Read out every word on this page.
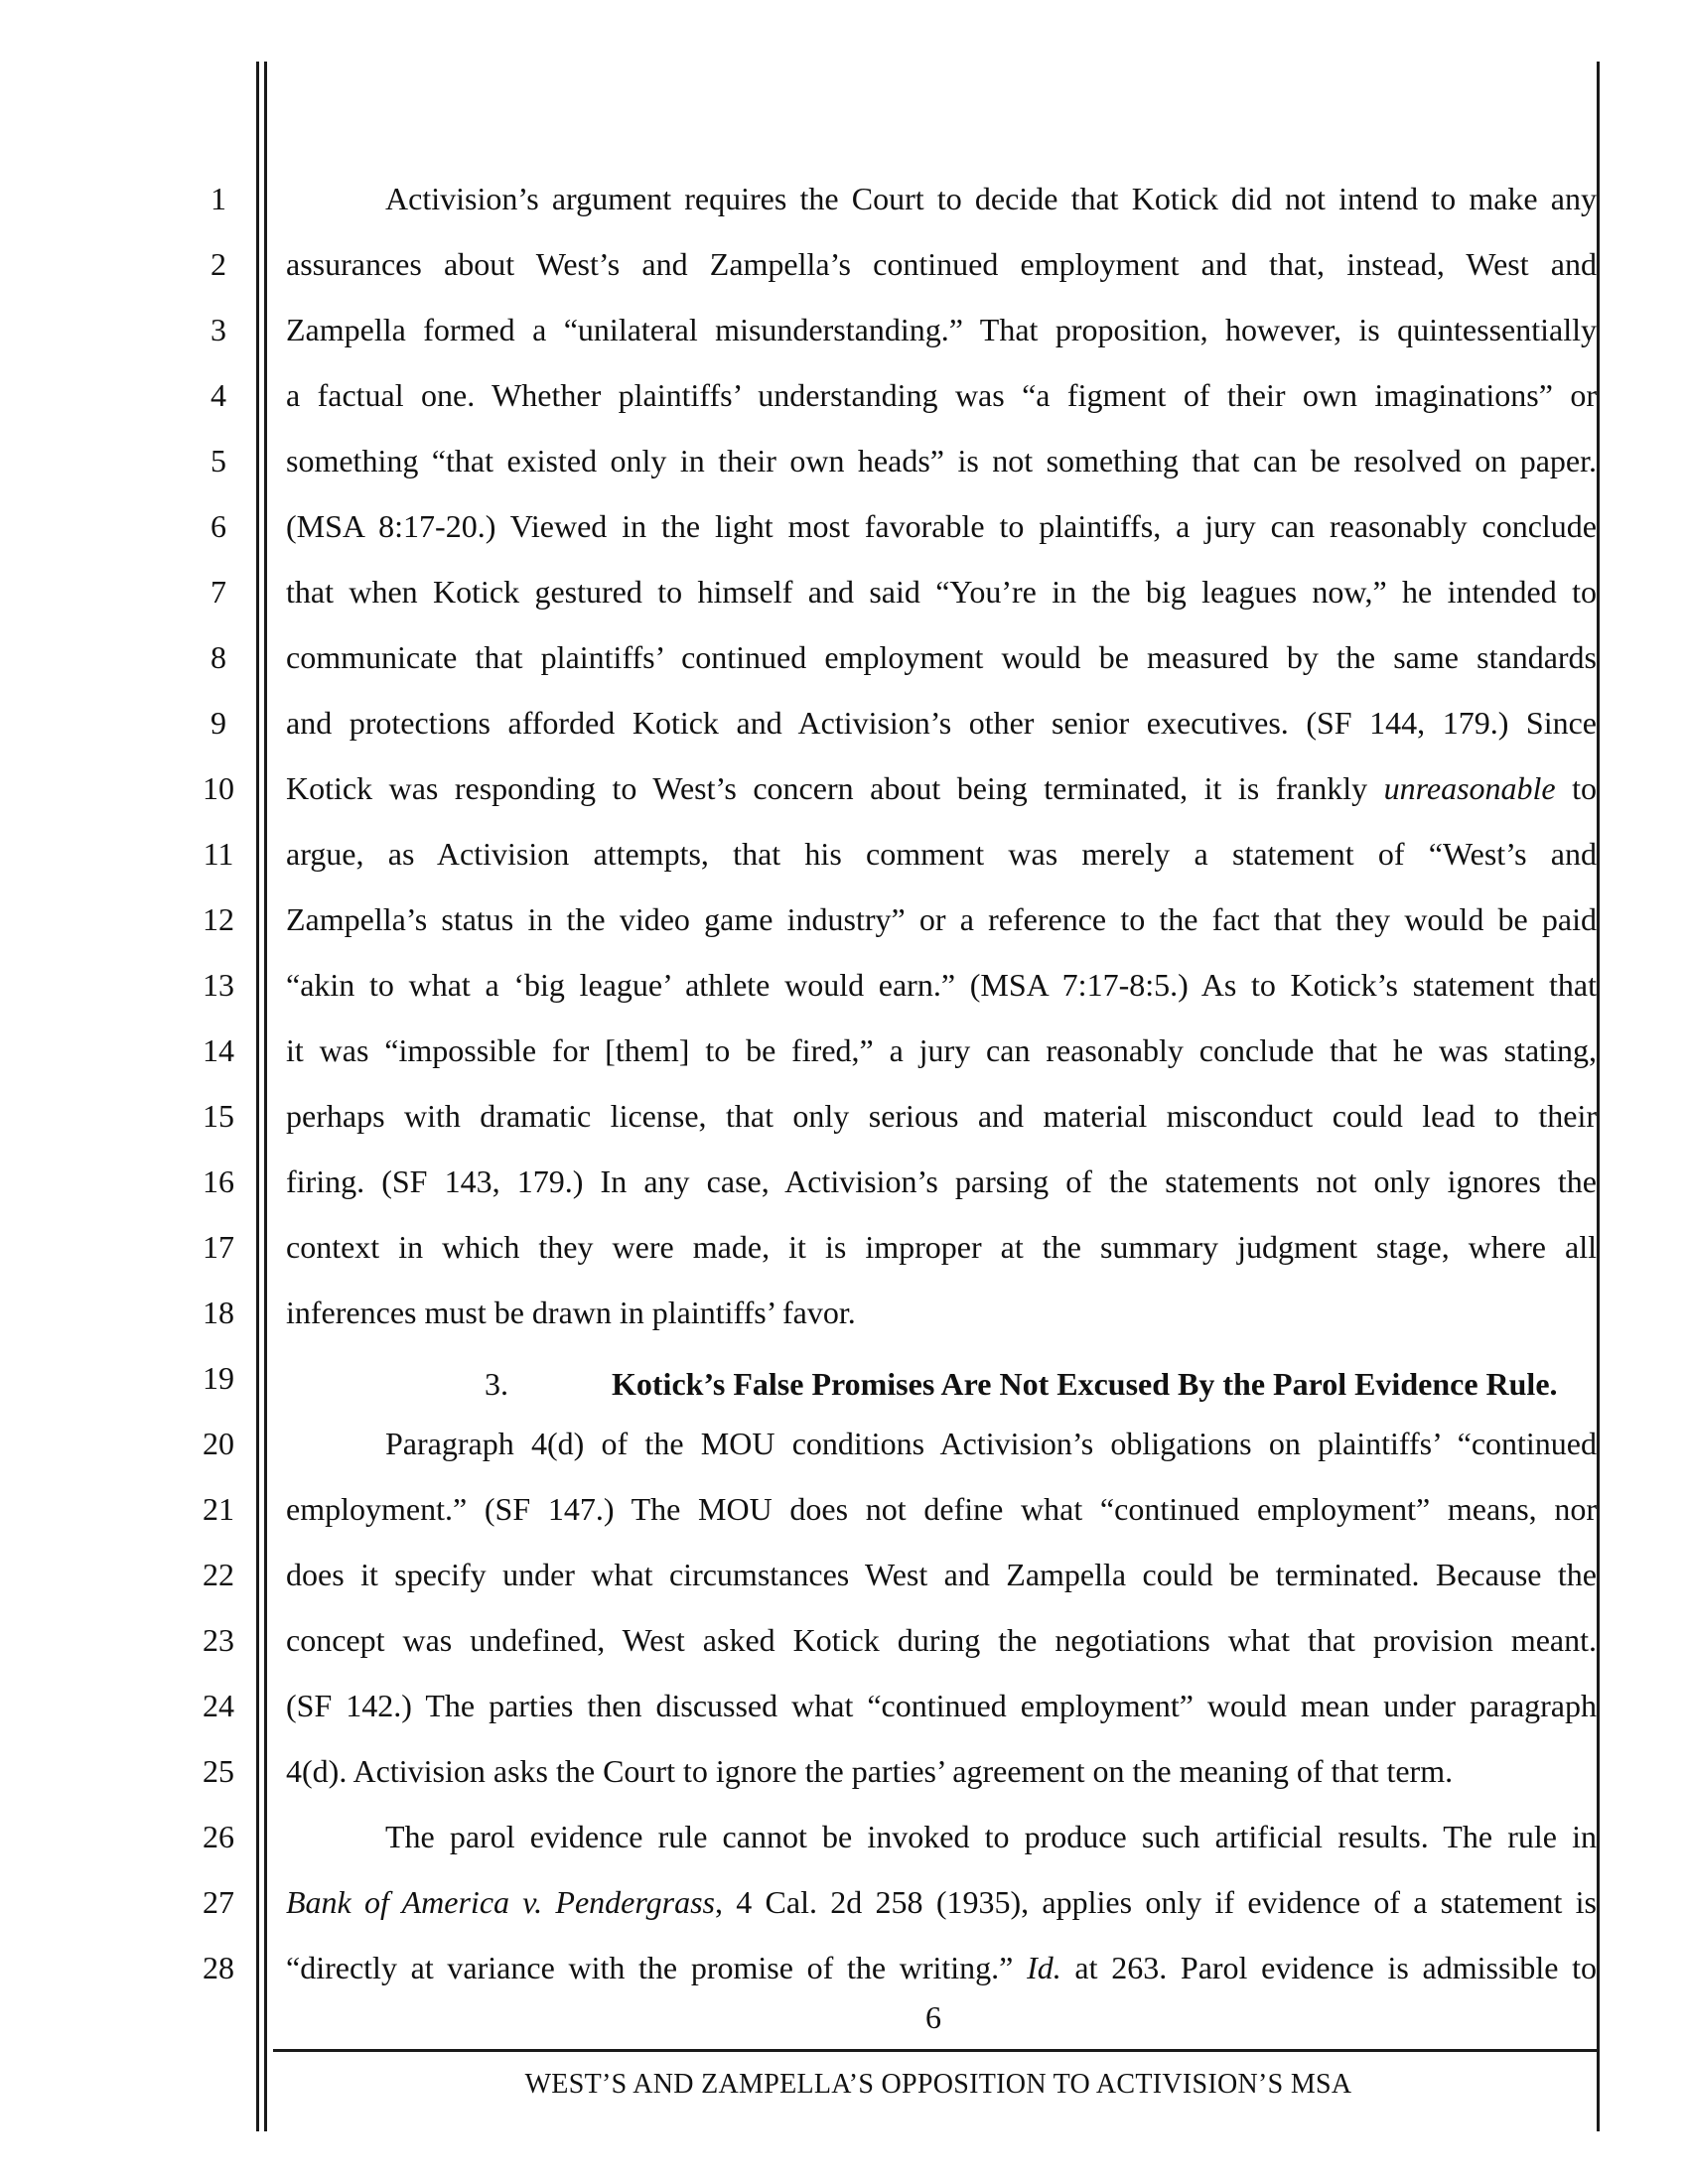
1
2
3
4
5
6
7
8
9
10
11
12
13
14
15
16
17
18
19
20
21
22
23
24
25
26
27
28
Activision’s argument requires the Court to decide that Kotick did not intend to make any
assurances about West’s and Zampella’s continued employment and that, instead, West and
Zampella formed a “unilateral misunderstanding.” That proposition, however, is quintessentially
a factual one. Whether plaintiffs’ understanding was “a figment of their own imaginations” or
something “that existed only in their own heads” is not something that can be resolved on paper.
(MSA 8:17-20.) Viewed in the light most favorable to plaintiffs, a jury can reasonably conclude
that when Kotick gestured to himself and said “You’re in the big leagues now,” he intended to
communicate that plaintiffs’ continued employment would be measured by the same standards
and protections afforded Kotick and Activision’s other senior executives. (SF 144, 179.) Since
Kotick was responding to West’s concern about being terminated, it is frankly unreasonable to
argue, as Activision attempts, that his comment was merely a statement of “West’s and
Zampella’s status in the video game industry” or a reference to the fact that they would be paid
“akin to what a ‘big league’ athlete would earn.” (MSA 7:17-8:5.) As to Kotick’s statement that
it was “impossible for [them] to be fired,” a jury can reasonably conclude that he was stating,
perhaps with dramatic license, that only serious and material misconduct could lead to their
firing. (SF 143, 179.) In any case, Activision’s parsing of the statements not only ignores the
context in which they were made, it is improper at the summary judgment stage, where all
inferences must be drawn in plaintiffs’ favor.
3.	Kotick’s False Promises Are Not Excused By the Parol Evidence Rule.
Paragraph 4(d) of the MOU conditions Activision’s obligations on plaintiffs’ “continued
employment.” (SF 147.) The MOU does not define what “continued employment” means, nor
does it specify under what circumstances West and Zampella could be terminated. Because the
concept was undefined, West asked Kotick during the negotiations what that provision meant.
(SF 142.) The parties then discussed what “continued employment” would mean under paragraph
4(d). Activision asks the Court to ignore the parties’ agreement on the meaning of that term.
The parol evidence rule cannot be invoked to produce such artificial results. The rule in
Bank of America v. Pendergrass, 4 Cal. 2d 258 (1935), applies only if evidence of a statement is
“directly at variance with the promise of the writing.” Id. at 263. Parol evidence is admissible to
6
WEST’S AND ZAMPELLA’S OPPOSITION TO ACTIVISION’S MSA
